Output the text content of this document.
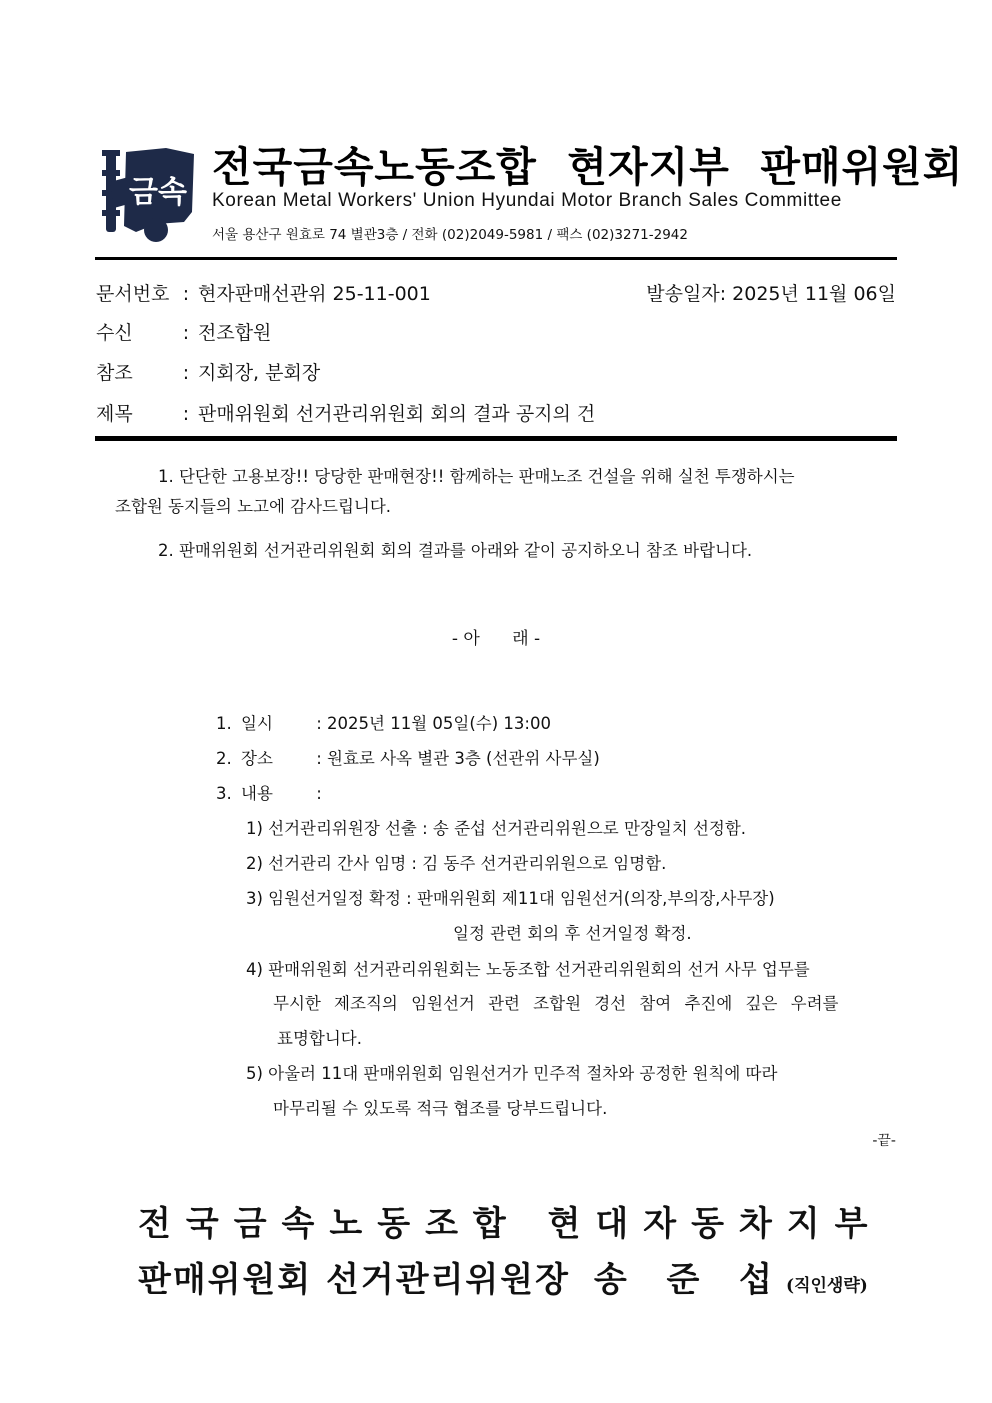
금속
전국금속노동조합  현자지부  판매위원회
Korean Metal Workers' Union Hyundai Motor Branch Sales Committee
서울 용산구 원효로 74 별관3층 / 전화 (02)2049-5981 / 팩스 (02)3271-2942
문서번호 : 현자판매선관위 25-11-001	발송일자: 2025년 11월 06일
수신	: 전조합원
참조	: 지회장, 분회장
제목	: 판매위원회 선거관리위원회 회의 결과 공지의 건
1. 단단한 고용보장!! 당당한 판매현장!! 함께하는 판매노조 건설을 위해 실천 투쟁하시는
조합원 동지들의 노고에 감사드립니다.
2. 판매위원회 선거관리위원회 회의 결과를 아래와 같이 공지하오니 참조 바랍니다.
- 아      래 -
1. 일시	: 2025년 11월 05일(수) 13:00
2. 장소	: 원효로 사옥 별관 3층 (선관위 사무실)
3. 내용	:
1) 선거관리위원장 선출 : 송 준섭 선거관리위원으로 만장일치 선정함.
2) 선거관리 간사 임명 : 김 동주 선거관리위원으로 임명함.
3) 임원선거일정 확정 : 판매위원회 제11대 임원선거(의장,부의장,사무장)
일정 관련 회의 후 선거일정 확정.
4) 판매위원회 선거관리위원회는 노동조합 선거관리위원회의 선거 사무 업무를
무시한 제조직의 임원선거 관련 조합원 경선 참여 추진에 깊은 우려를
표명합니다.
5) 아울러 11대 판매위원회 임원선거가 민주적 절차와 공정한 원칙에 따라
마무리될 수 있도록 적극 협조를 당부드립니다.
-끝-
전국금속노동조합 현대자동차지부
판매위원회 선거관리위원장 송 준 섭(직인생략)
